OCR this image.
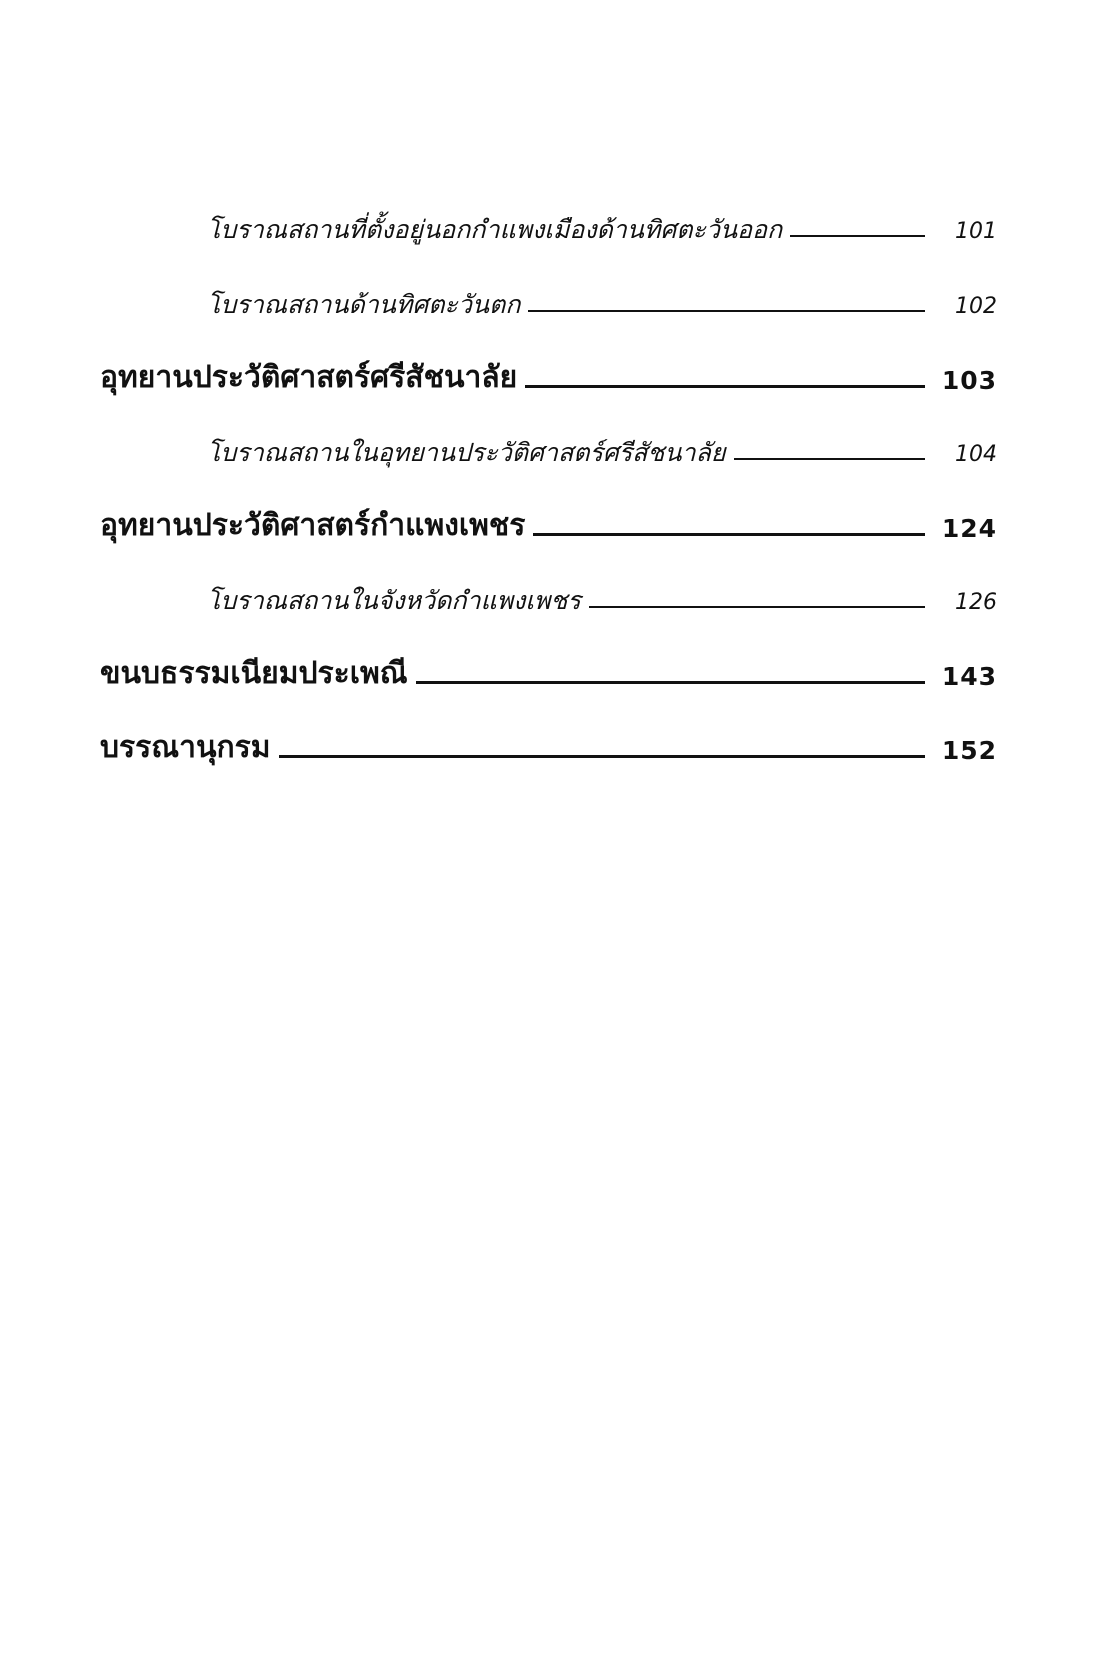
โบราณสถานที่ตั้งอยู่นอกกำแพงเมืองด้านทิศตะวันออก	101
โบราณสถานด้านทิศตะวันตก	102
อุทยานประวัติศาสตร์ศรีสัชนาลัย	103
โบราณสถานในอุทยานประวัติศาสตร์ศรีสัชนาลัย	104
อุทยานประวัติศาสตร์กำแพงเพชร	124
โบราณสถานในจังหวัดกำแพงเพชร	126
ขนบธรรมเนียมประเพณี	143
บรรณานุกรม	152
